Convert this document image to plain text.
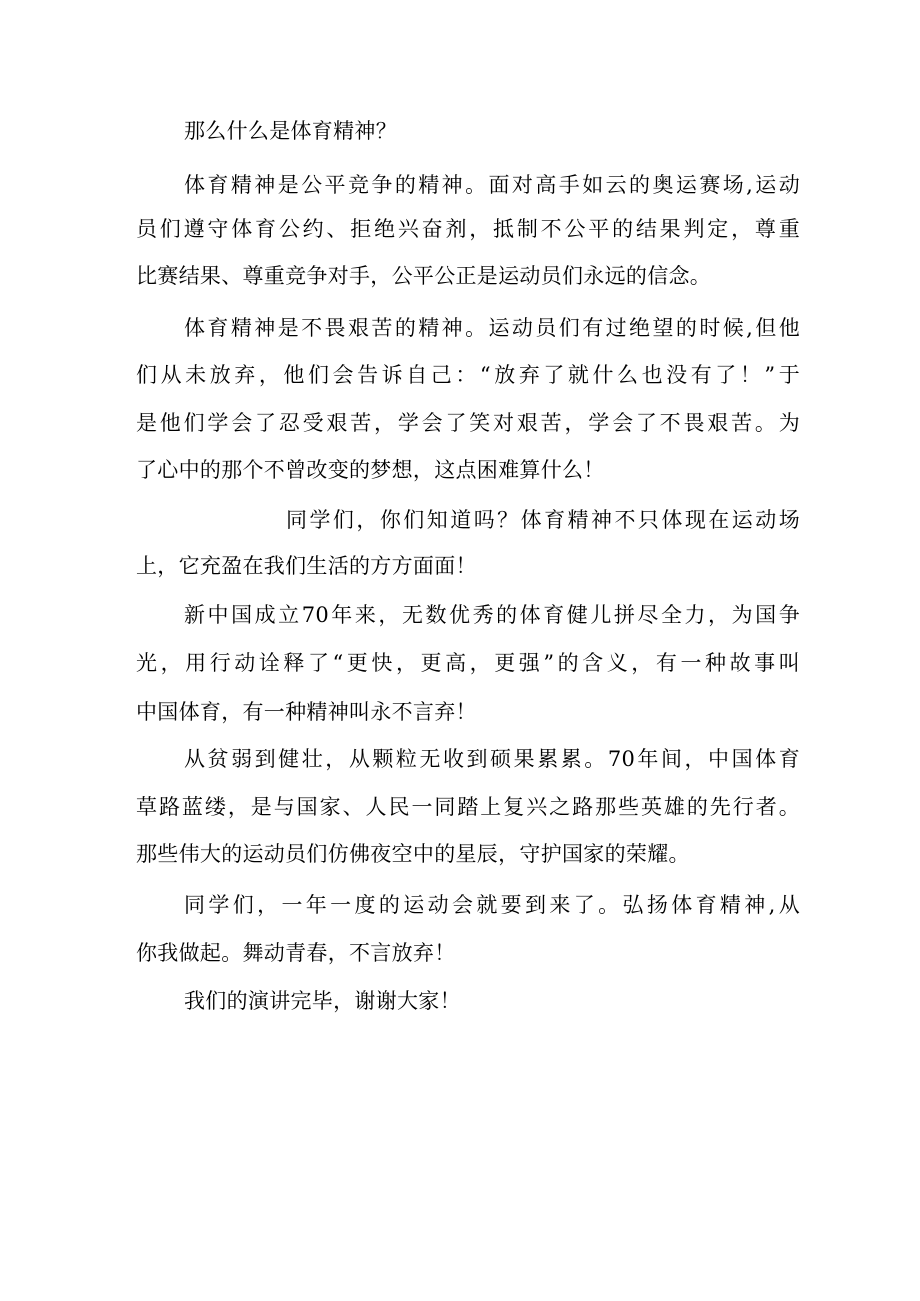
那么什么是体育精神？
体育精神是公平竞争的精神。面对高手如云的奥运赛场,运动
员们遵守体育公约、拒绝兴奋剂，抵制不公平的结果判定，尊重
比赛结果、尊重竞争对手，公平公正是运动员们永远的信念。
体育精神是不畏艰苦的精神。运动员们有过绝望的时候,但他
们从未放弃，他们会告诉自己：“放弃了就什么也没有了！”于
是他们学会了忍受艰苦，学会了笑对艰苦，学会了不畏艰苦。为
了心中的那个不曾改变的梦想，这点困难算什么！
同学们，你们知道吗？体育精神不只体现在运动场
上，它充盈在我们生活的方方面面！
新中国成立70年来，无数优秀的体育健儿拼尽全力，为国争
光，用行动诠释了“更快，更高，更强”的含义，有一种故事叫
中国体育，有一种精神叫永不言弃！
从贫弱到健壮，从颗粒无收到硕果累累。70年间，中国体育
草路蓝缕，是与国家、人民一同踏上复兴之路那些英雄的先行者。
那些伟大的运动员们仿佛夜空中的星辰，守护国家的荣耀。
同学们，一年一度的运动会就要到来了。弘扬体育精神,从
你我做起。舞动青春，不言放弃！
我们的演讲完毕，谢谢大家！
